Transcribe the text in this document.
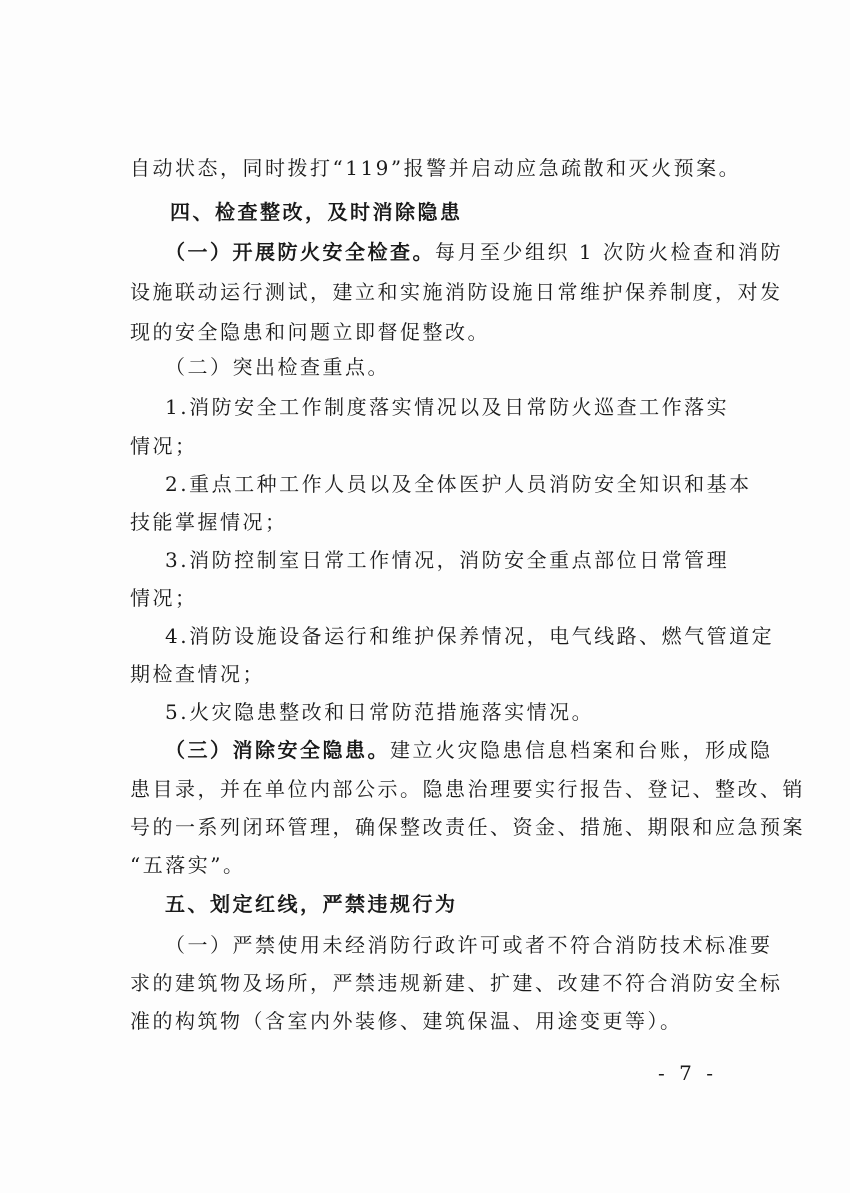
自动状态，同时拨打“119”报警并启动应急疏散和灭火预案。
四、检查整改，及时消除隐患
（一）开展防火安全检查。每月至少组织 1 次防火检查和消防
设施联动运行测试，建立和实施消防设施日常维护保养制度，对发
现的安全隐患和问题立即督促整改。
（二）突出检查重点。
1.消防安全工作制度落实情况以及日常防火巡查工作落实
情况；
2.重点工种工作人员以及全体医护人员消防安全知识和基本
技能掌握情况；
3.消防控制室日常工作情况，消防安全重点部位日常管理
情况；
4.消防设施设备运行和维护保养情况，电气线路、燃气管道定
期检查情况；
5.火灾隐患整改和日常防范措施落实情况。
（三）消除安全隐患。建立火灾隐患信息档案和台账，形成隐
患目录，并在单位内部公示。隐患治理要实行报告、登记、整改、销
号的一系列闭环管理，确保整改责任、资金、措施、期限和应急预案
“五落实”。
五、划定红线，严禁违规行为
（一）严禁使用未经消防行政许可或者不符合消防技术标准要
求的建筑物及场所，严禁违规新建、扩建、改建不符合消防安全标
准的构筑物（含室内外装修、建筑保温、用途变更等）。
- 7 -
